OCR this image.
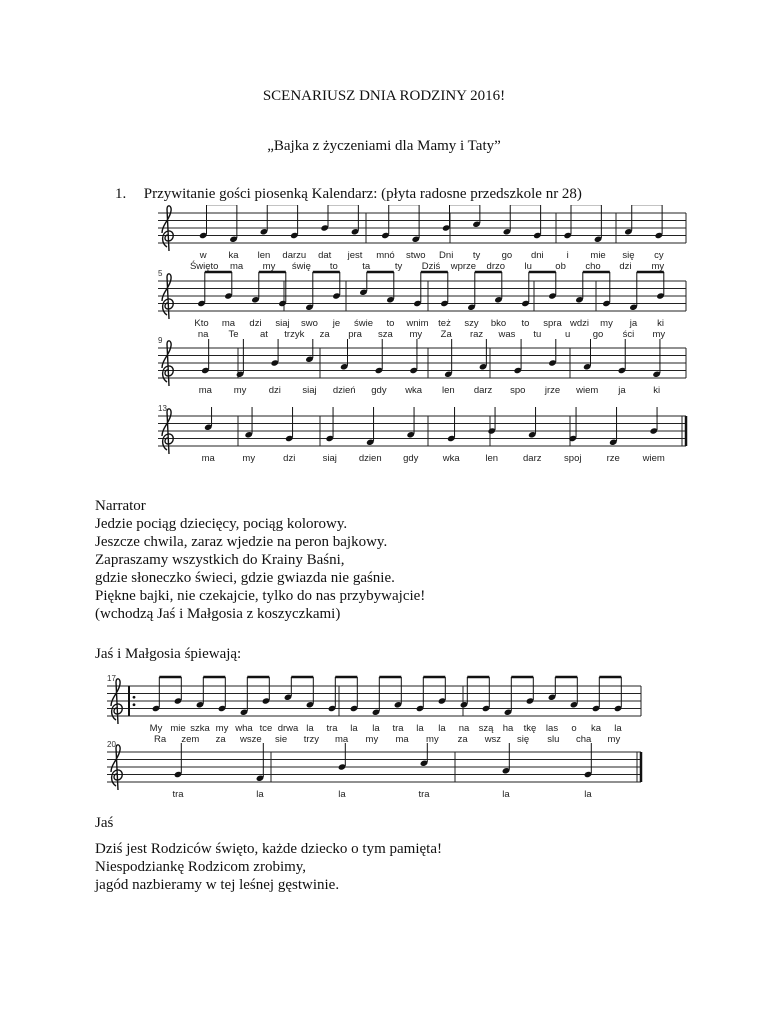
SCENARIUSZ DNIA RODZINY 2016!
„Bajka z życzeniami dla Mamy i Taty”
1. Przywitanie gości piosenką Kalendarz: (płyta radosne przedszkole nr 28)
w ka len darzu dat jest mnó stwo Dni ty go dni i mie się cy
Święto ma my świę to	ta	ty Dziś wprze drzo lu ob cho dzi my
5
Kto ma dzi siaj swo je świe to wnim też szy bko to spra wdzi my ja ki
na Te at trzyk za pra sza my Za raz was tu	u go ści my
9
ma my dzi siaj dzień gdy wka len darz spo jrze wiem ja	ki
13
ma	my	dzi	siaj dzien gdy	wka	len	darz spoj	rze wiem
Narrator
Jedzie pociąg dziecięcy, pociąg kolorowy.
Jeszcze chwila, zaraz wjedzie na peron bajkowy.
Zapraszamy wszystkich do Krainy Baśni,
gdzie słoneczko świeci, gdzie gwiazda nie gaśnie.
Piękne bajki, nie czekajcie, tylko do nas przybywajcie!
(wchodzą Jaś i Małgosia z koszyczkami)
Jaś i Małgosia śpiewają:
17
My mie szka my wha tce drwa la tra la la tra la la na szą ha tkę las o ka la
Ra zem za wsze sie trzy ma my ma my za wsz się slu cha my
20
tra	la	la	tra	la	la
Jaś
Dziś jest Rodziców święto, każde dziecko o tym pamięta!
Niespodziankę Rodzicom zrobimy,
jagód nazbieramy w tej leśnej gęstwinie.
